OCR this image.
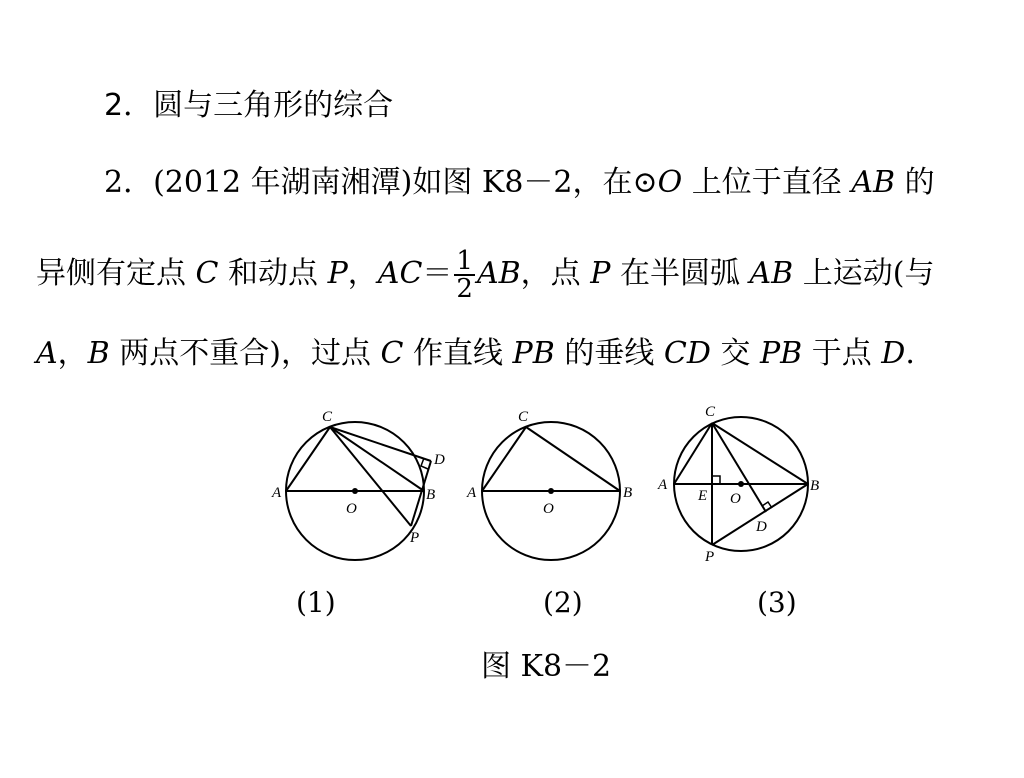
2．圆与三角形的综合
2．(2012 年湖南湘潭)如图 K8－2，在⊙O 上位于直径 AB 的
异侧有定点 C 和动点 P，$AC= \frac{1}{2}$ AB，点 P 在半圆弧 AB 上运动(与
A，B 两点不重合)，过点 C 作直线 PB 的垂线 CD 交 PB 于点 D.
C
A	B
D
O
P
C
A	B
O
C
A	B
E O
D
P
(1)	(2)	(3)
图 K8－2
